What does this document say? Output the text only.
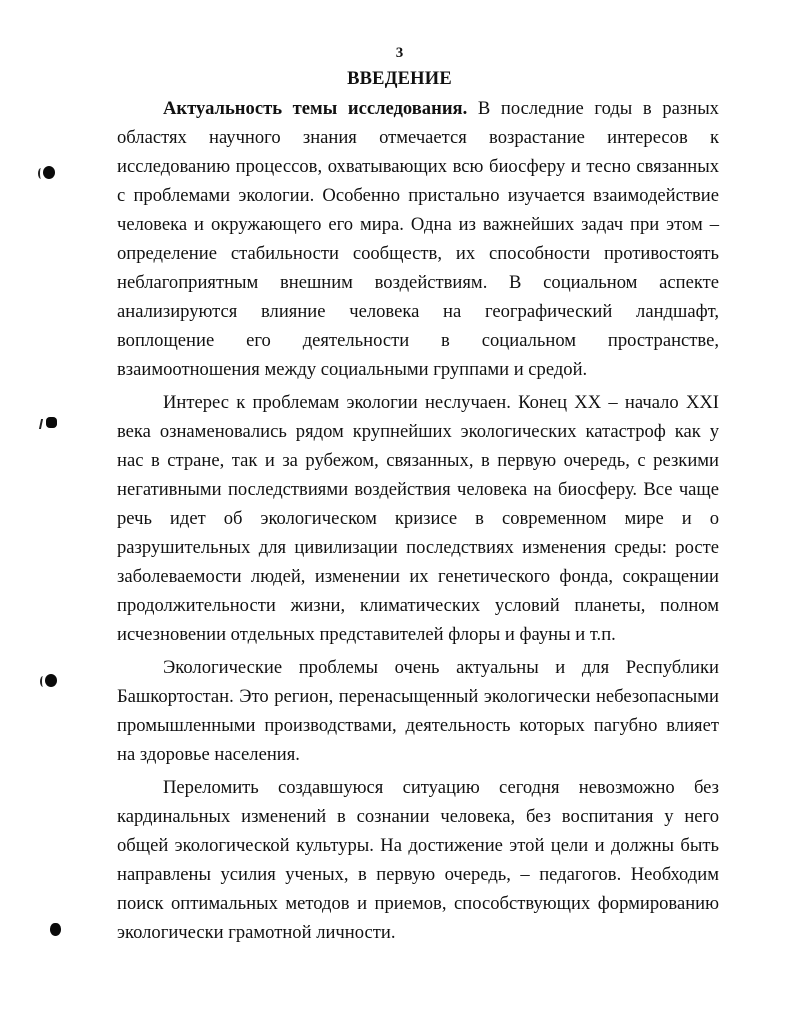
3
ВВЕДЕНИЕ

Актуальность темы исследования. В последние годы в разных областях научного знания отмечается возрастание интересов к исследованию процессов, охватывающих всю биосферу и тесно связанных с проблемами экологии. Особенно пристально изучается взаимодействие человека и окружающего его мира. Одна из важнейших задач при этом – определение стабильности сообществ, их способности противостоять неблагоприятным внешним воздействиям. В социальном аспекте анализируются влияние человека на географический ландшафт, воплощение его деятельности в социальном пространстве, взаимоотношения между социальными группами и средой.

Интерес к проблемам экологии неслучаен. Конец XX – начало XXI века ознаменовались рядом крупнейших экологических катастроф как у нас в стране, так и за рубежом, связанных, в первую очередь, с резкими негативными последствиями воздействия человека на биосферу. Все чаще речь идет об экологическом кризисе в современном мире и о разрушительных для цивилизации последствиях изменения среды: росте заболеваемости людей, изменении их генетического фонда, сокращении продолжительности жизни, климатических условий планеты, полном исчезновении отдельных представителей флоры и фауны и т.п.

Экологические проблемы очень актуальны и для Республики Башкортостан. Это регион, перенасыщенный экологически небезопасными промышленными производствами, деятельность которых пагубно влияет на здоровье населения.

Переломить создавшуюся ситуацию сегодня невозможно без кардинальных изменений в сознании человека, без воспитания у него общей экологической культуры. На достижение этой цели и должны быть направлены усилия ученых, в первую очередь, – педагогов. Необходим поиск оптимальных методов и приемов, способствующих формированию экологически грамотной личности.
